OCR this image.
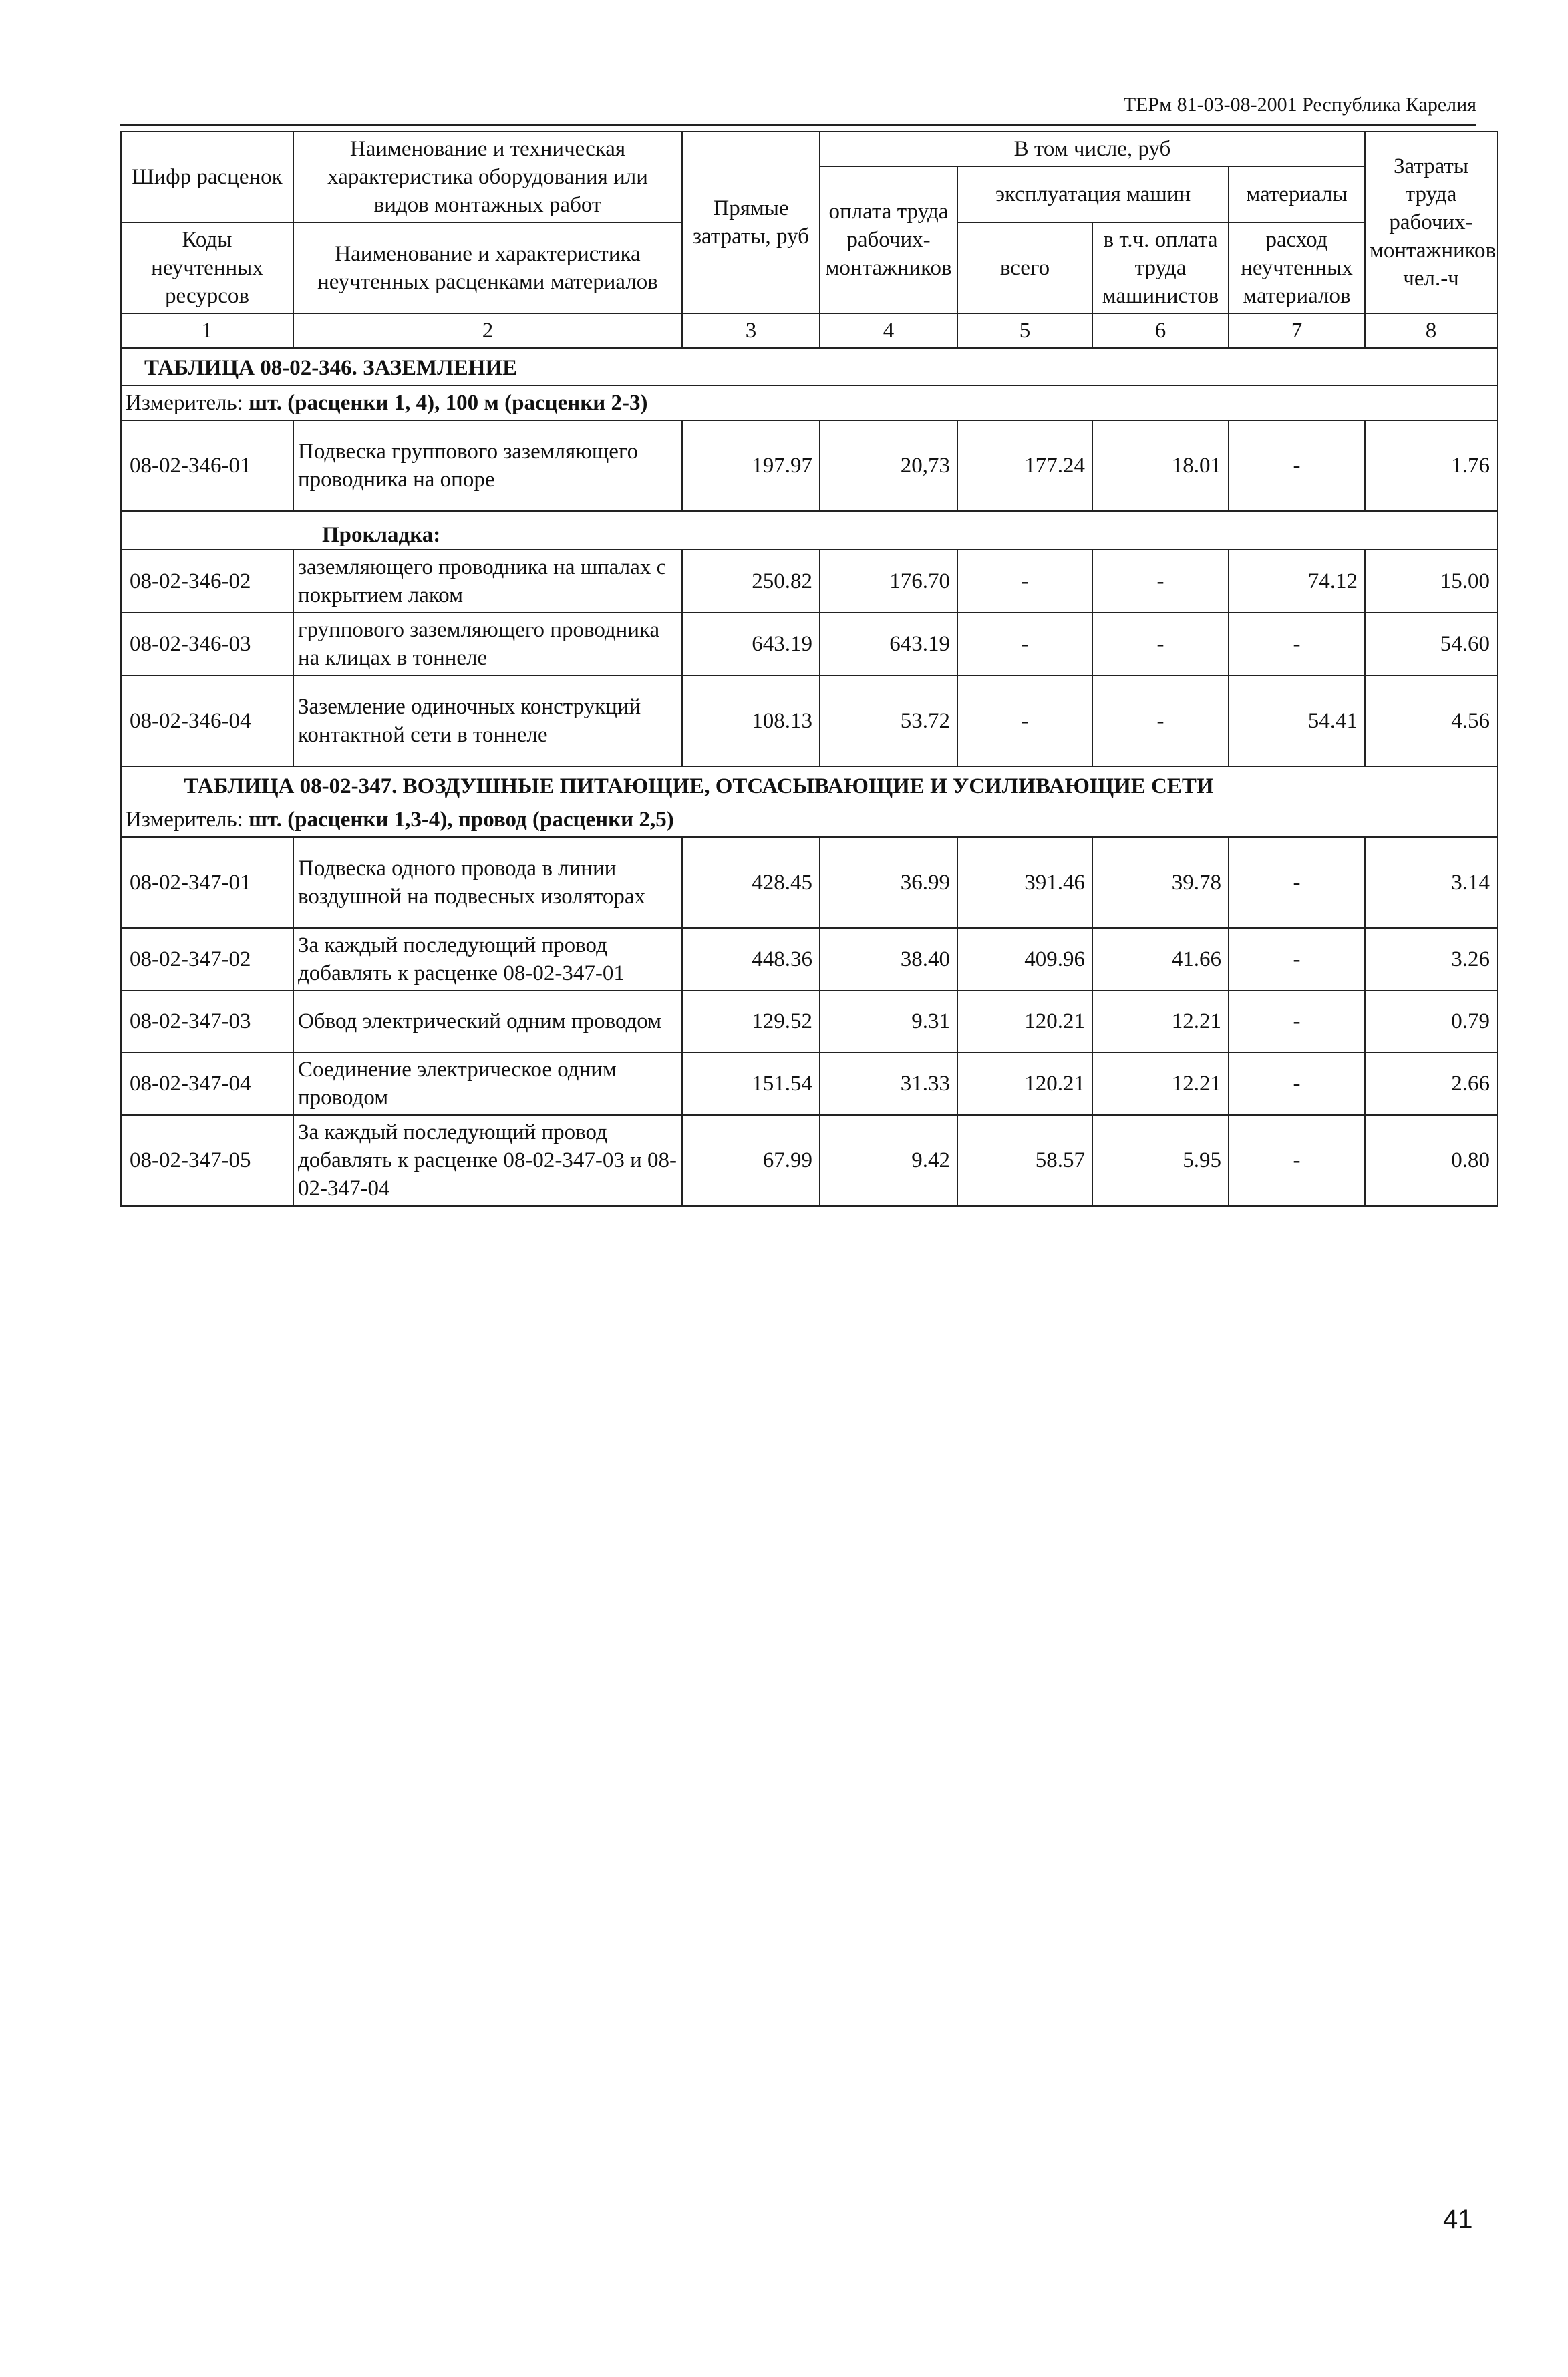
ТЕРм 81-03-08-2001 Республика Карелия
Шифр расценок	Наименование и техническая характеристика оборудования или видов монтажных работ	Прямые затраты, руб	В том числе, руб				Затраты труда рабочих-монтажников чел.-ч
			оплата труда рабочих-монтажников	эксплуатация машин		материалы	
Коды неучтенных ресурсов	Наименование и характеристика неучтенных расценками материалов			всего	в т.ч. оплата труда машинистов	расход неучтенных материалов	

1	2	3	4	5	6	7	8
ТАБЛИЦА 08-02-346. ЗАЗЕМЛЕНИЕ							
Измеритель: шт. (расценки 1, 4), 100 м (расценки 2-3)							
08-02-346-01	Подвеска группового заземляющего проводника на опоре	197.97	20,73	177.24	18.01	-	1.76
Прокладка:							
08-02-346-02	заземляющего проводника на шпалах с покрытием лаком	250.82	176.70	-	-	74.12	15.00
08-02-346-03	группового заземляющего проводника на клицах в тоннеле	643.19	643.19	-	-	-	54.60
08-02-346-04	Заземление одиночных конструкций контактной сети в тоннеле	108.13	53.72	-	-	54.41	4.56
ТАБЛИЦА 08-02-347. ВОЗДУШНЫЕ ПИТАЮЩИЕ, ОТСАСЫВАЮЩИЕ И УСИЛИВАЮЩИЕ СЕТИ							
Измеритель: шт. (расценки 1,3-4), провод (расценки 2,5)							
08-02-347-01	Подвеска одного провода в линии воздушной на подвесных изоляторах	428.45	36.99	391.46	39.78	-	3.14
08-02-347-02	За каждый последующий провод добавлять к расценке 08-02-347-01	448.36	38.40	409.96	41.66	-	3.26
08-02-347-03	Обвод электрический одним проводом	129.52	9.31	120.21	12.21	-	0.79
08-02-347-04	Соединение электрическое одним проводом	151.54	31.33	120.21	12.21	-	2.66
08-02-347-05	За каждый последующий провод добавлять к расценке 08-02-347-03 и 08-02-347-04	67.99	9.42	58.57	5.95	-	0.80
41
